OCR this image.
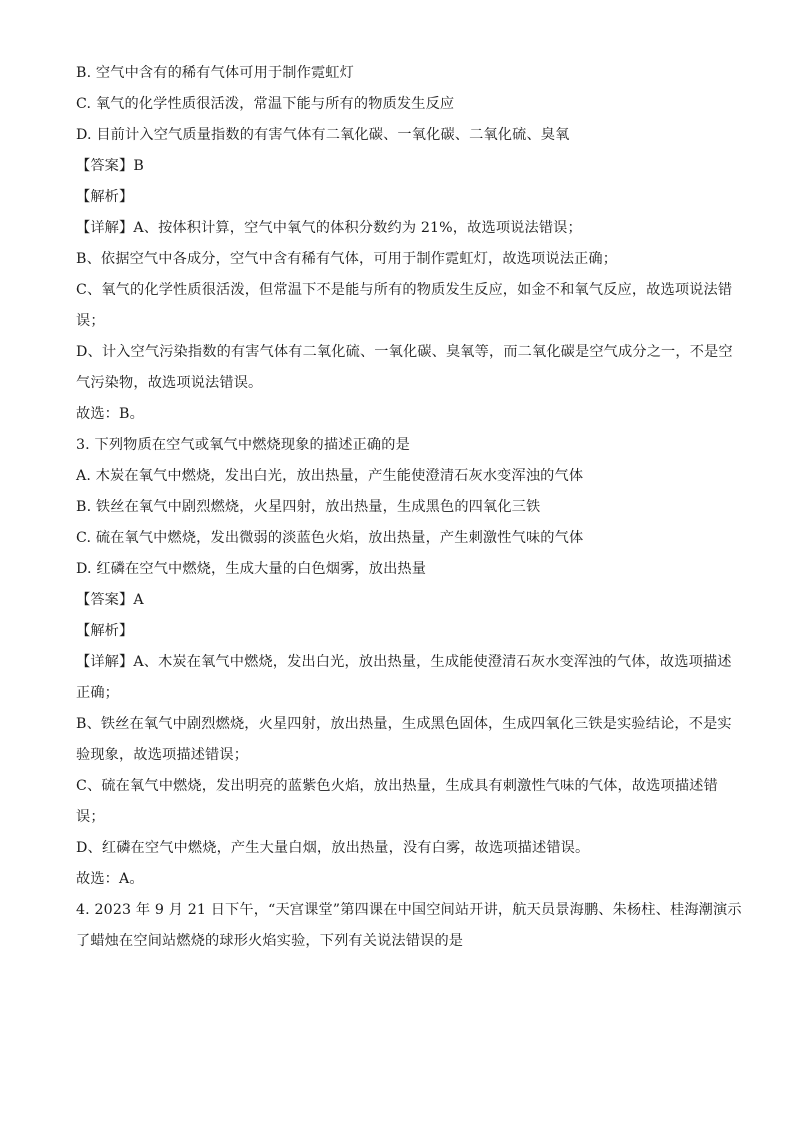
B. 空气中含有的稀有气体可用于制作霓虹灯
C. 氧气的化学性质很活泼，常温下能与所有的物质发生反应
D. 目前计入空气质量指数的有害气体有二氧化碳、一氧化碳、二氧化硫、臭氧
【答案】B
【解析】
【详解】A、按体积计算，空气中氧气的体积分数约为 21%，故选项说法错误；
B、依据空气中各成分，空气中含有稀有气体，可用于制作霓虹灯，故选项说法正确；
C、氧气的化学性质很活泼，但常温下不是能与所有的物质发生反应，如金不和氧气反应，故选项说法错
误；
D、计入空气污染指数的有害气体有二氧化硫、一氧化碳、臭氧等，而二氧化碳是空气成分之一，不是空
气污染物，故选项说法错误。
故选：B。
3. 下列物质在空气或氧气中燃烧现象的描述正确的是
A. 木炭在氧气中燃烧，发出白光，放出热量，产生能使澄清石灰水变浑浊的气体
B. 铁丝在氧气中剧烈燃烧，火星四射，放出热量，生成黑色的四氧化三铁
C. 硫在氧气中燃烧，发出微弱的淡蓝色火焰，放出热量，产生刺激性气味的气体
D. 红磷在空气中燃烧，生成大量的白色烟雾，放出热量
【答案】A
【解析】
【详解】A、木炭在氧气中燃烧，发出白光，放出热量，生成能使澄清石灰水变浑浊的气体，故选项描述
正确；
B、铁丝在氧气中剧烈燃烧，火星四射，放出热量，生成黑色固体，生成四氧化三铁是实验结论，不是实
验现象，故选项描述错误；
C、硫在氧气中燃烧，发出明亮的蓝紫色火焰，放出热量，生成具有刺激性气味的气体，故选项描述错
误；
D、红磷在空气中燃烧，产生大量白烟，放出热量，没有白雾，故选项描述错误。
故选：A。
4. 2023 年 9 月 21 日下午，“天宫课堂”第四课在中国空间站开讲，航天员景海鹏、朱杨柱、桂海潮演示
了蜡烛在空间站燃烧的球形火焰实验，下列有关说法错误的是
